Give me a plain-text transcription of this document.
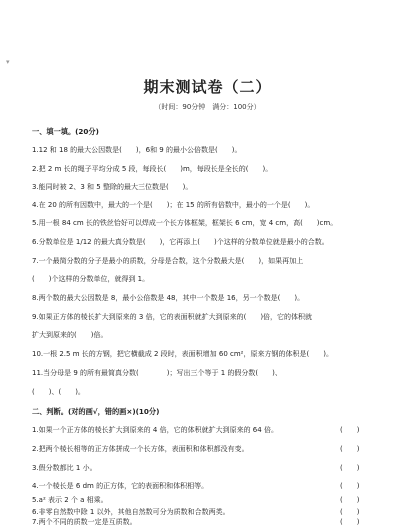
▾
期末测试卷（二）
（时间：90分钟　满分：100分）
一、填一填。(20分)
1.12 和 18 的最大公因数是(　　)，6和 9 的最小公倍数是(　　)。
2.把 2 m 长的绳子平均分成 5 段，每段长(　　)m，每段长是全长的(　　)。
3.能同时被 2、3 和 5 整除的最大三位数是(　　)。
4.在 20 的所有因数中，最大的一个是(　　)；在 15 的所有倍数中，最小的一个是(　　)。
5.用一根 84 cm 长的铁丝恰好可以焊成一个长方体框架，框架长 6 cm，宽 4 cm，高(　　)cm。
6.分数单位是 1/12 的最大真分数是(　　)，它再添上(　　)个这样的分数单位就是最小的合数。
7.一个最简分数的分子是最小的质数，分母是合数，这个分数最大是(　　)，如果再加上
(　　)个这样的分数单位，就得到 1。
8.两个数的最大公因数是 8，最小公倍数是 48，其中一个数是 16，另一个数是(　　)。
9.如果正方体的棱长扩大到原来的 3 倍，它的表面积就扩大到原来的(　　)倍，它的体积就
扩大到原来的(　　)倍。
10.一根 2.5 m 长的方钢，把它横截成 2 段时，表面积增加 60 cm²，原来方钢的体积是(　　)。
11.当分母是 9 的所有最简真分数(　　　　)；写出三个等于 1 的假分数(　　)、
(　　)、(　　)。
二、判断。(对的画√，错的画×)(10分)
1.如果一个正方体的棱长扩大到原来的 4 倍，它的体积就扩大到原来的 64 倍。	(　　)
2.把两个棱长相等的正方体拼成一个长方体，表面积和体积都没有变。	(　　)
3.假分数都比 1 小。	(　　)
4.一个棱长是 6 dm 的正方体，它的表面积和体积相等。	(　　)
5.a² 表示 2 个 a 相乘。	(　　)
6.非零自然数中除 1 以外，其他自然数可分为质数和合数两类。	(　　)
7.两个不同的质数一定是互质数。	(　　)
